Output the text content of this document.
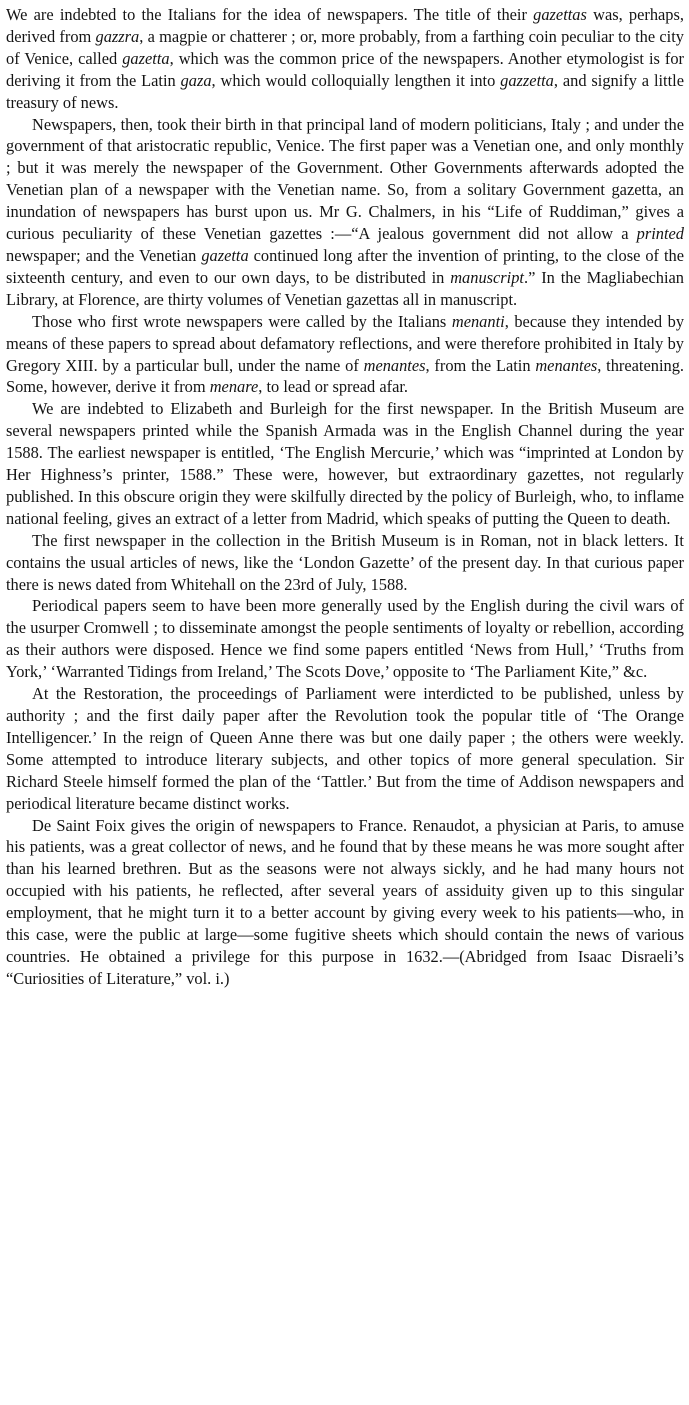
We are indebted to the Italians for the idea of newspapers. The title of their gazettas was, perhaps, derived from gazzra, a magpie or chatterer ; or, more probably, from a farthing coin peculiar to the city of Venice, called gazetta, which was the common price of the newspapers. Another etymologist is for deriving it from the Latin gaza, which would colloquially lengthen it into gazzetta, and signify a little treasury of news.

Newspapers, then, took their birth in that principal land of modern politicians, Italy ; and under the government of that aristocratic republic, Venice. The first paper was a Venetian one, and only monthly ; but it was merely the newspaper of the Government. Other Governments afterwards adopted the Venetian plan of a newspaper with the Venetian name. So, from a solitary Government gazetta, an inundation of newspapers has burst upon us. Mr G. Chalmers, in his “Life of Ruddiman,” gives a curious peculiarity of these Venetian gazettes :—“A jealous government did not allow a printed newspaper; and the Venetian gazetta continued long after the invention of printing, to the close of the sixteenth century, and even to our own days, to be distributed in manuscript.” In the Magliabechian Library, at Florence, are thirty volumes of Venetian gazettas all in manuscript.

Those who first wrote newspapers were called by the Italians menanti, because they intended by means of these papers to spread about defamatory reflections, and were therefore prohibited in Italy by Gregory XIII. by a particular bull, under the name of menantes, from the Latin menantes, threatening. Some, however, derive it from menare, to lead or spread afar.

We are indebted to Elizabeth and Burleigh for the first newspaper. In the British Museum are several newspapers printed while the Spanish Armada was in the English Channel during the year 1588. The earliest newspaper is entitled, ‘The English Mercurie,’ which was “imprinted at London by Her Highness’s printer, 1588.” These were, however, but extraordinary gazettes, not regularly published. In this obscure origin they were skilfully directed by the policy of Burleigh, who, to inflame national feeling, gives an extract of a letter from Madrid, which speaks of putting the Queen to death.

The first newspaper in the collection in the British Museum is in Roman, not in black letters. It contains the usual articles of news, like the ‘London Gazette’ of the present day. In that curious paper there is news dated from Whitehall on the 23rd of July, 1588.

Periodical papers seem to have been more generally used by the English during the civil wars of the usurper Cromwell ; to disseminate amongst the people sentiments of loyalty or rebellion, according as their authors were disposed. Hence we find some papers entitled ‘News from Hull,’ ‘Truths from York,’ ‘Warranted Tidings from Ireland,’ The Scots Dove,’ opposite to ‘The Parliament Kite,” &c.

At the Restoration, the proceedings of Parliament were interdicted to be published, unless by authority ; and the first daily paper after the Revolution took the popular title of ‘The Orange Intelligencer.’ In the reign of Queen Anne there was but one daily paper ; the others were weekly. Some attempted to introduce literary subjects, and other topics of more general speculation. Sir Richard Steele himself formed the plan of the ‘Tattler.’ But from the time of Addison newspapers and periodical literature became distinct works.

De Saint Foix gives the origin of newspapers to France. Renaudot, a physician at Paris, to amuse his patients, was a great collector of news, and he found that by these means he was more sought after than his learned brethren. But as the seasons were not always sickly, and he had many hours not occupied with his patients, he reflected, after several years of assiduity given up to this singular employment, that he might turn it to a better account by giving every week to his patients—who, in this case, were the public at large—some fugitive sheets which should contain the news of various countries. He obtained a privilege for this purpose in 1632.—(Abridged from Isaac Disraeli’s “Curiosities of Literature,” vol. i.)
